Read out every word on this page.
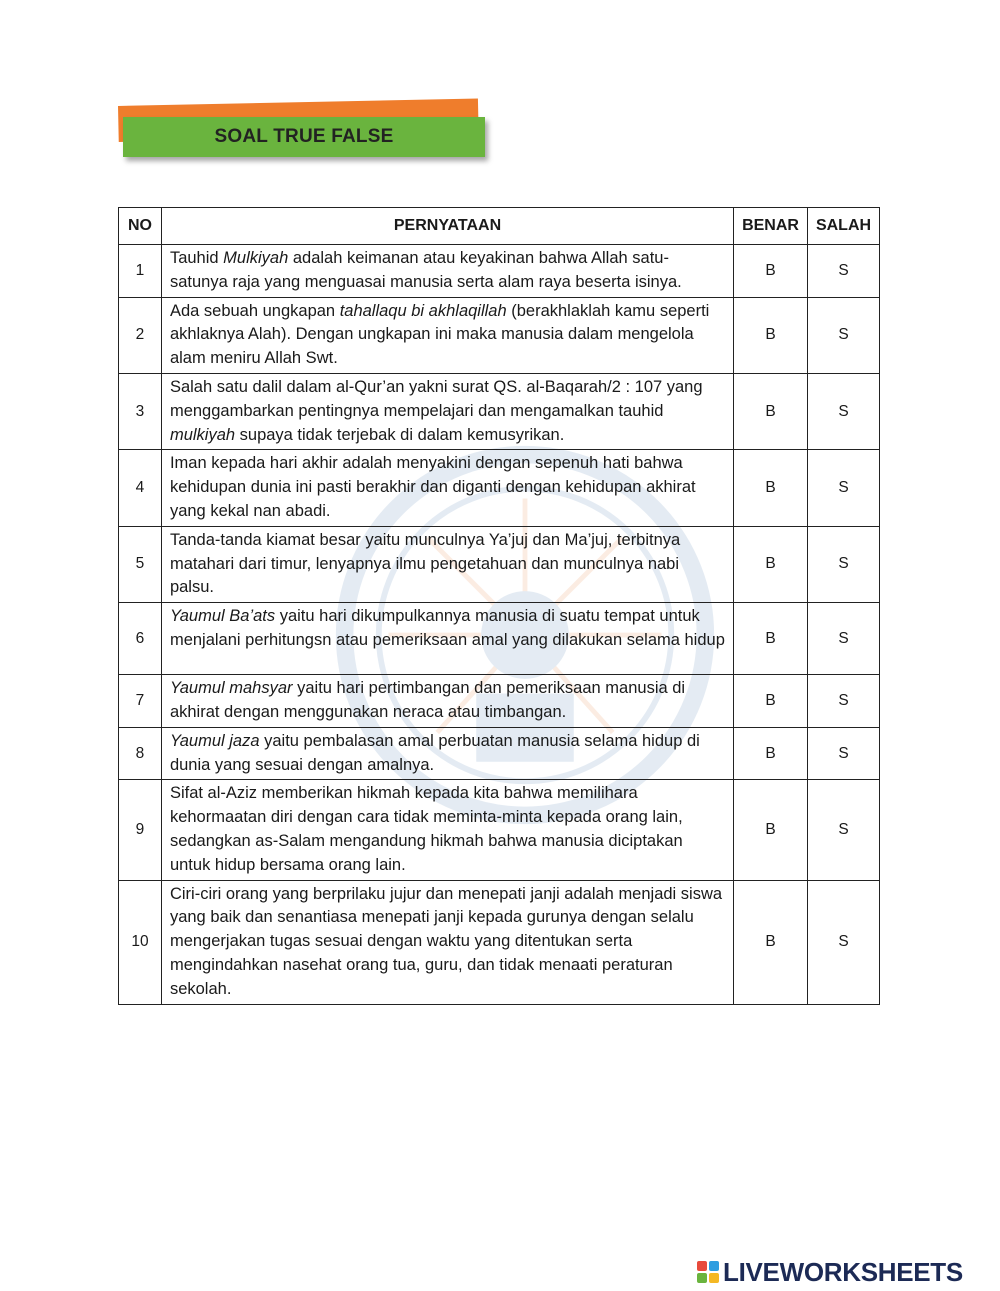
SOAL TRUE FALSE
NO	PERNYATAAN	BENAR	SALAH
1	Tauhid Mulkiyah adalah keimanan atau keyakinan bahwa Allah satu-satunya raja yang menguasai manusia serta alam raya beserta isinya.	B	S
2	Ada sebuah ungkapan tahallaqu bi akhlaqillah (berakhlaklah kamu seperti akhlaknya Alah). Dengan ungkapan ini maka manusia dalam mengelola alam meniru Allah Swt.	B	S
3	Salah satu dalil dalam al-Qur’an yakni surat QS. al-Baqarah/2 : 107 yang menggambarkan pentingnya mempelajari dan mengamalkan tauhid mulkiyah supaya tidak terjebak di dalam kemusyrikan.	B	S
4	Iman kepada hari akhir adalah menyakini dengan sepenuh hati bahwa kehidupan dunia ini pasti berakhir dan diganti dengan kehidupan akhirat yang kekal nan abadi.	B	S
5	Tanda-tanda kiamat besar yaitu munculnya Ya’juj dan Ma’juj, terbitnya matahari dari timur, lenyapnya ilmu pengetahuan dan munculnya nabi palsu.	B	S
6	Yaumul Ba’ats yaitu hari dikumpulkannya manusia di suatu tempat untuk menjalani perhitungsn atau pemeriksaan amal yang dilakukan selama hidup	B	S
7	Yaumul mahsyar yaitu hari pertimbangan dan pemeriksaan manusia di akhirat dengan menggunakan neraca atau timbangan.	B	S
8	Yaumul jaza yaitu pembalasan amal perbuatan manusia selama hidup di dunia yang sesuai dengan amalnya.	B	S
9	Sifat al-Aziz memberikan hikmah kepada kita bahwa memilihara kehormaatan diri dengan cara tidak meminta-minta kepada orang lain, sedangkan as-Salam mengandung hikmah bahwa manusia diciptakan untuk hidup bersama orang lain.	B	S
10	Ciri-ciri orang yang berprilaku jujur dan menepati janji adalah menjadi siswa yang baik dan senantiasa menepati janji kepada gurunya dengan selalu mengerjakan tugas sesuai dengan waktu yang ditentukan serta mengindahkan nasehat orang tua, guru, dan tidak menaati peraturan sekolah.	B	S
LIVEWORKSHEETS
